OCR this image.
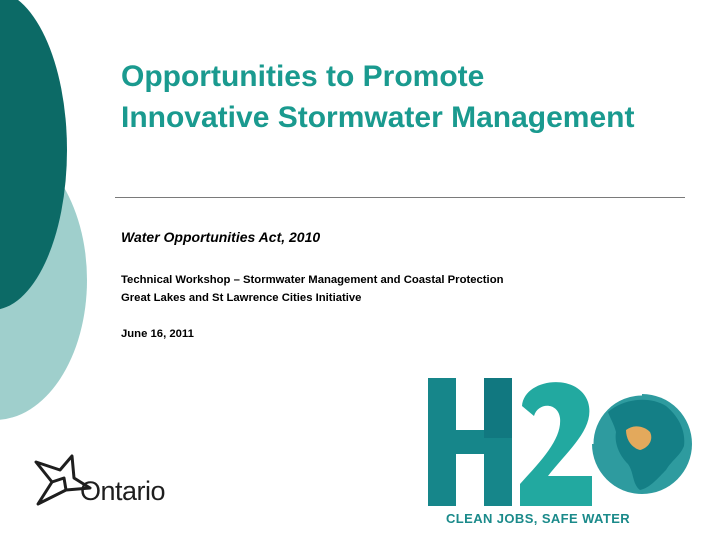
Opportunities to Promote Innovative Stormwater Management

Water Opportunities Act, 2010

Technical Workshop – Stormwater Management and Coastal Protection

Great Lakes and St Lawrence Cities Initiative

June 16, 2011

Ontario
CLEAN JOBS, SAFE WATER
